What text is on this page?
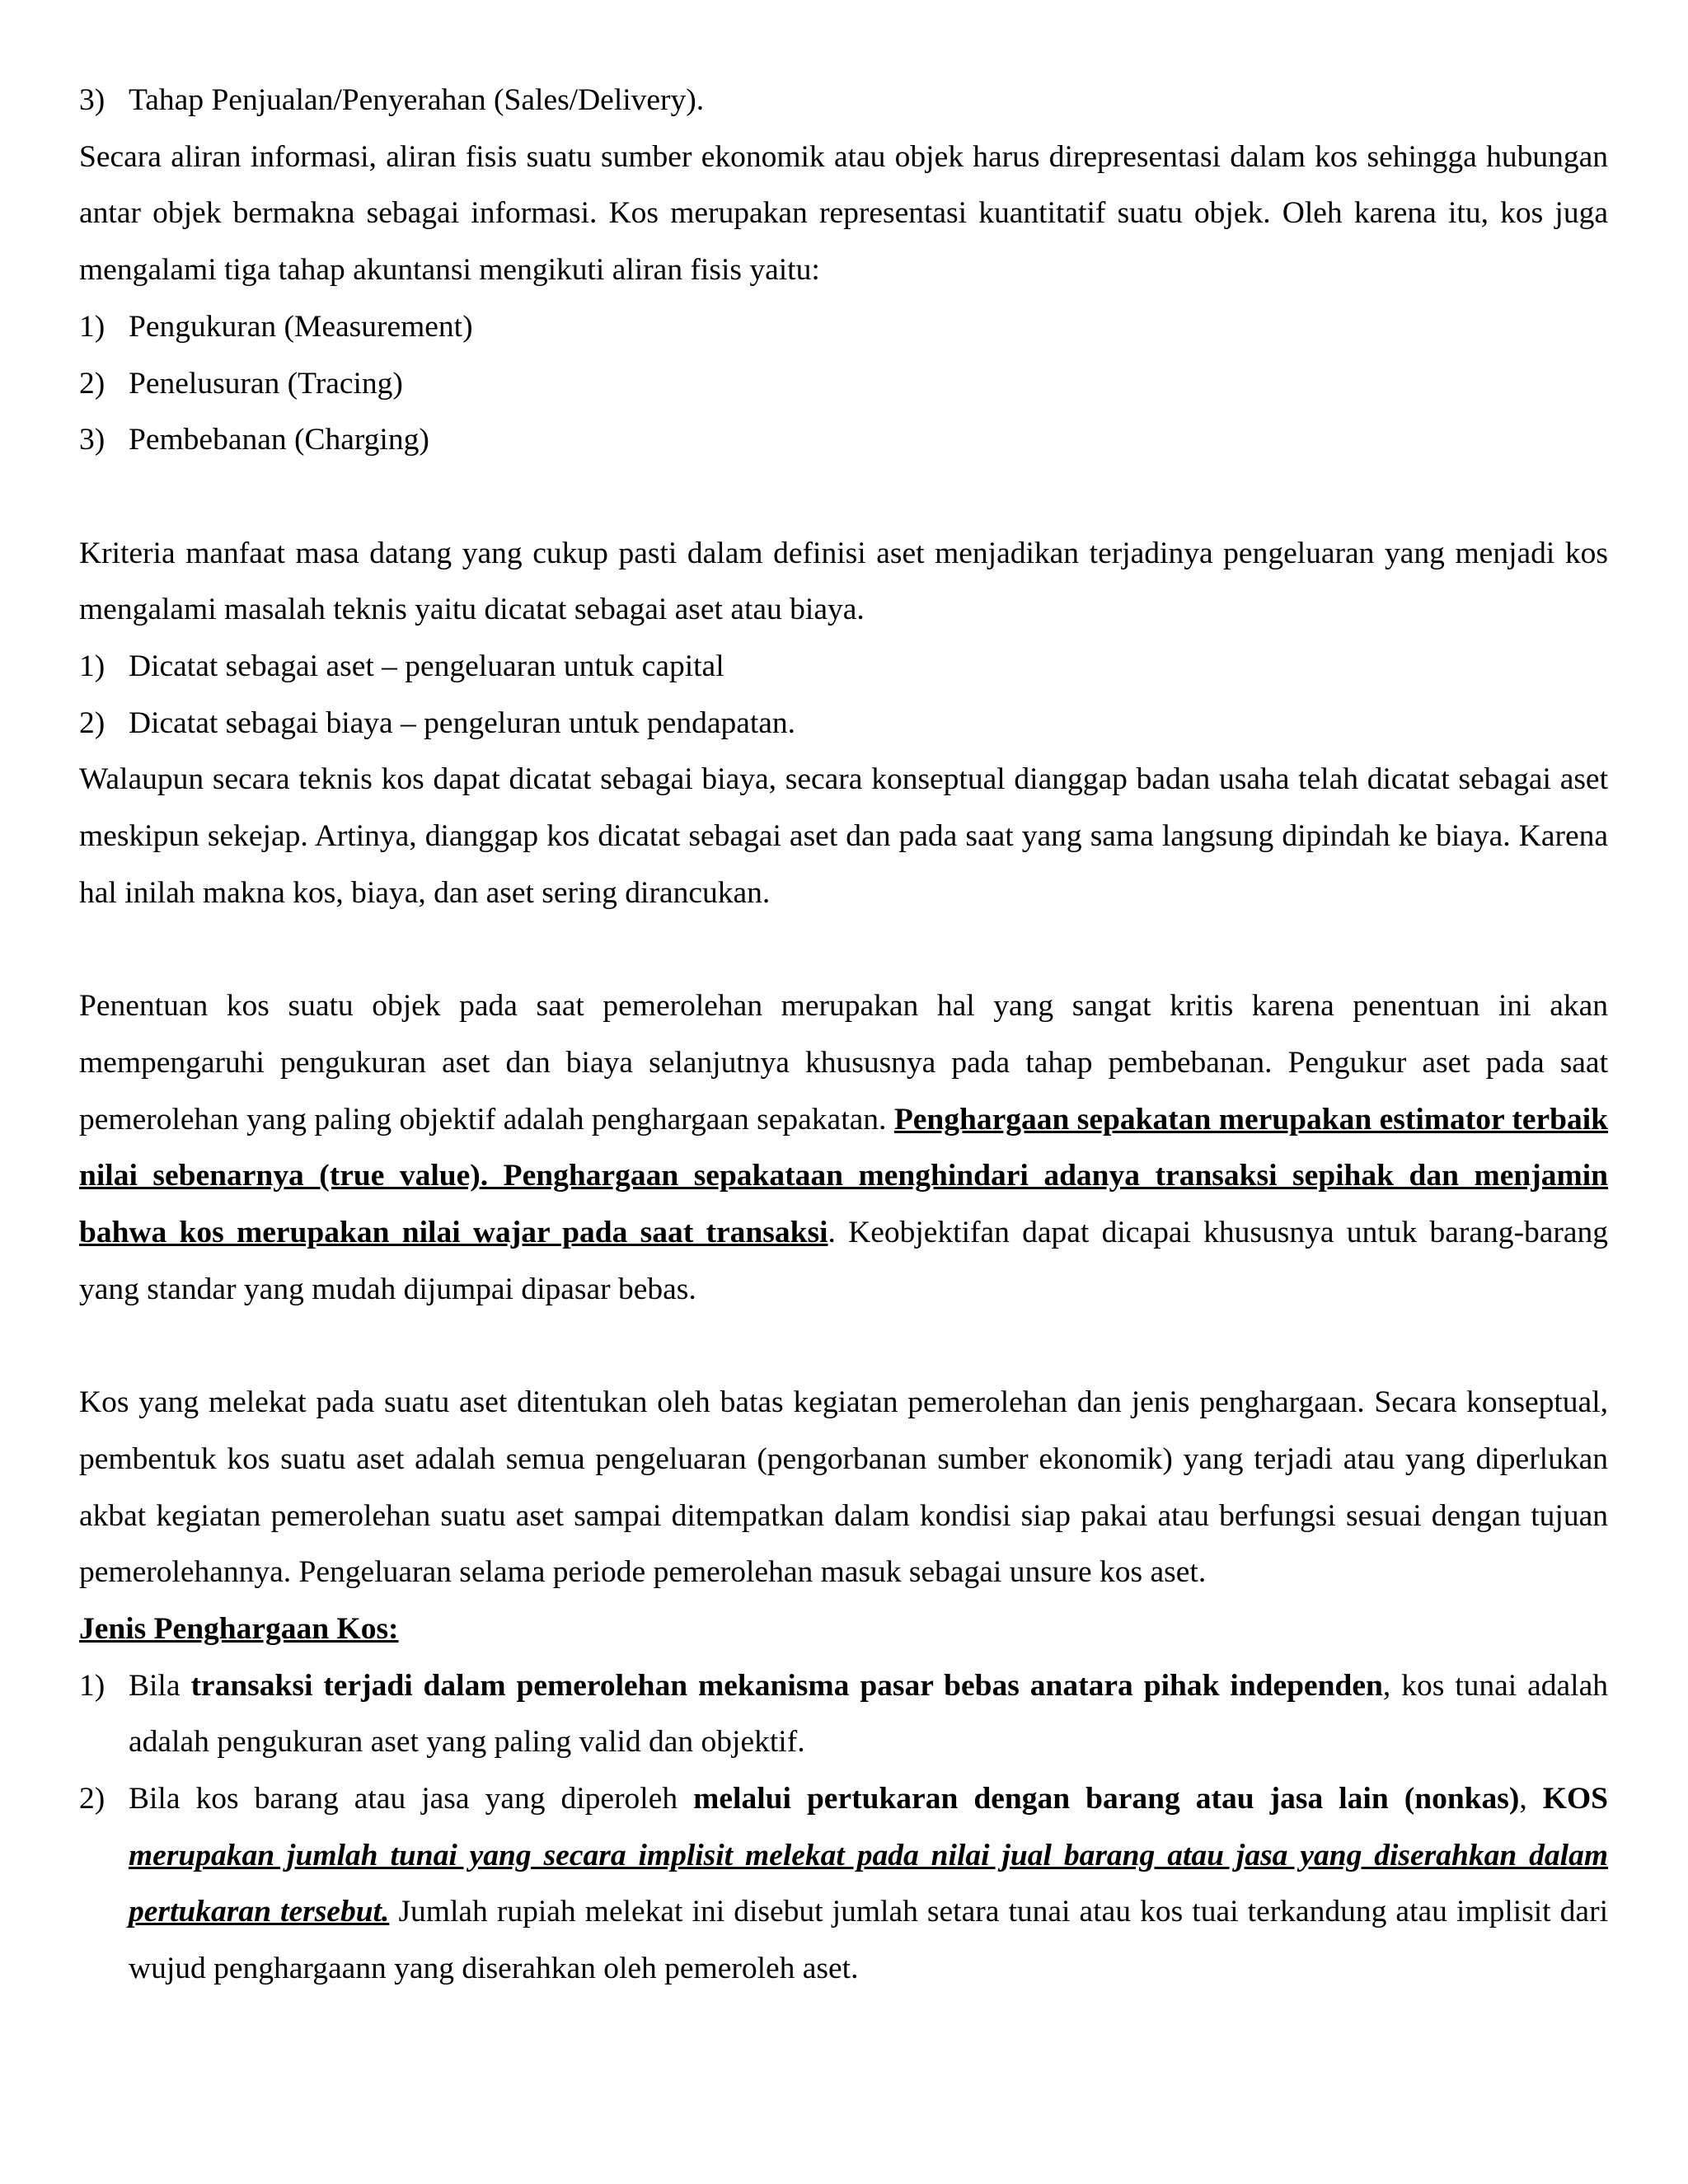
3) Tahap Penjualan/Penyerahan (Sales/Delivery).

Secara aliran informasi, aliran fisis suatu sumber ekonomik atau objek harus direpresentasi dalam kos sehingga hubungan antar objek bermakna sebagai informasi. Kos merupakan representasi kuantitatif suatu objek. Oleh karena itu, kos juga mengalami tiga tahap akuntansi mengikuti aliran fisis yaitu:

1) Pengukuran (Measurement)
2) Penelusuran (Tracing)
3) Pembebanan (Charging)

Kriteria manfaat masa datang yang cukup pasti dalam definisi aset menjadikan terjadinya pengeluaran yang menjadi kos mengalami masalah teknis yaitu dicatat sebagai aset atau biaya.

1) Dicatat sebagai aset – pengeluaran untuk capital
2) Dicatat sebagai biaya – pengeluran untuk pendapatan.

Walaupun secara teknis kos dapat dicatat sebagai biaya, secara konseptual dianggap badan usaha telah dicatat sebagai aset meskipun sekejap. Artinya, dianggap kos dicatat sebagai aset dan pada saat yang sama langsung dipindah ke biaya. Karena hal inilah makna kos, biaya, dan aset sering dirancukan.

Penentuan kos suatu objek pada saat pemerolehan merupakan hal yang sangat kritis karena penentuan ini akan mempengaruhi pengukuran aset dan biaya selanjutnya khususnya pada tahap pembebanan. Pengukur aset pada saat pemerolehan yang paling objektif adalah penghargaan sepakatan. Penghargaan sepakatan merupakan estimator terbaik nilai sebenarnya (true value). Penghargaan sepakataan menghindari adanya transaksi sepihak dan menjamin bahwa kos merupakan nilai wajar pada saat transaksi. Keobjektifan dapat dicapai khususnya untuk barang-barang yang standar yang mudah dijumpai dipasar bebas.

Kos yang melekat pada suatu aset ditentukan oleh batas kegiatan pemerolehan dan jenis penghargaan. Secara konseptual, pembentuk kos suatu aset adalah semua pengeluaran (pengorbanan sumber ekonomik) yang terjadi atau yang diperlukan akbat kegiatan pemerolehan suatu aset sampai ditempatkan dalam kondisi siap pakai atau berfungsi sesuai dengan tujuan pemerolehannya. Pengeluaran selama periode pemerolehan masuk sebagai unsure kos aset.

Jenis Penghargaan Kos:

1) Bila transaksi terjadi dalam pemerolehan mekanisma pasar bebas anatara pihak independen, kos tunai adalah adalah pengukuran aset yang paling valid dan objektif.
2) Bila kos barang atau jasa yang diperoleh melalui pertukaran dengan barang atau jasa lain (nonkas), KOS merupakan jumlah tunai yang secara implisit melekat pada nilai jual barang atau jasa yang diserahkan dalam pertukaran tersebut. Jumlah rupiah melekat ini disebut jumlah setara tunai atau kos tuai terkandung atau implisit dari wujud penghargaann yang diserahkan oleh pemeroleh aset.
